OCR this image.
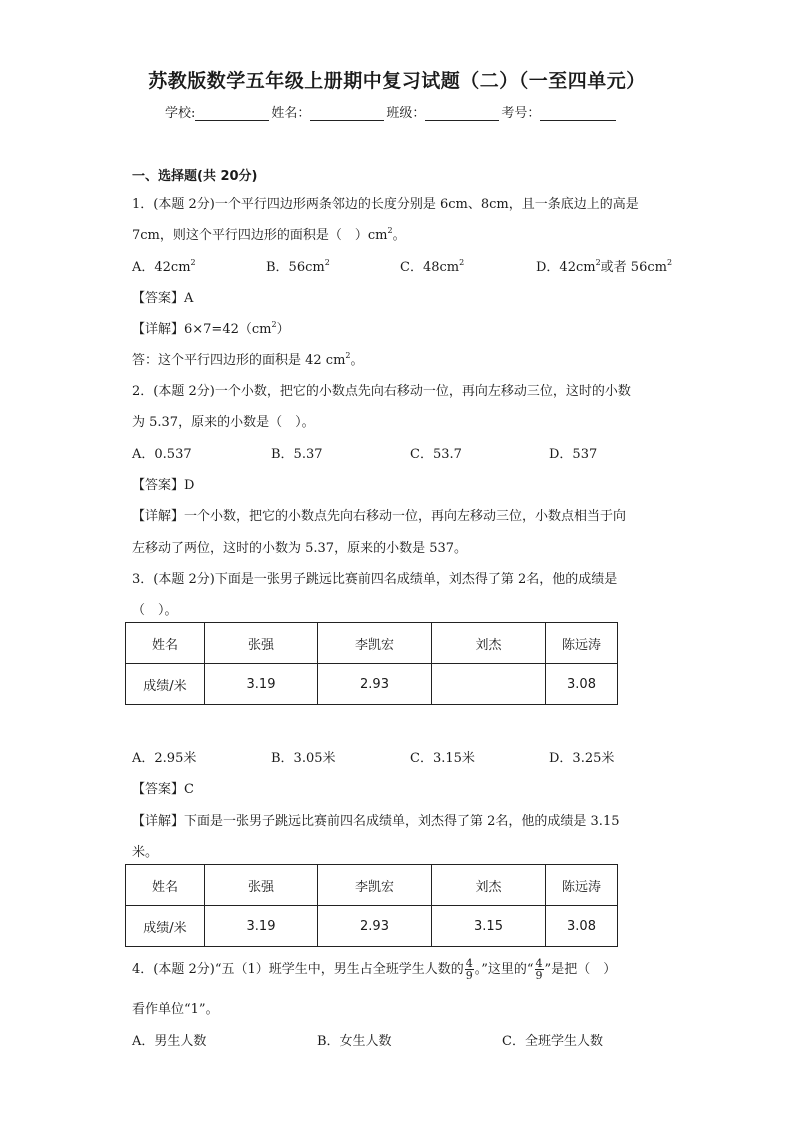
苏教版数学五年级上册期中复习试题（二）（一至四单元）
学校:	姓名：	班级：	考号：
一、选择题(共 20分)
1．(本题 2分)一个平行四边形两条邻边的长度分别是 6cm、8cm，且一条底边上的高是
7cm，则这个平行四边形的面积是（　）$cm^2$。
A．$42cm^2$	B．$56cm^2$	C．$48cm^2$	D．$42cm^2$或者 $56cm^2$
【答案】A
【详解】$6\times 7=42(cm^2)$
答：这个平行四边形的面积是 42 $cm^2$。
2．(本题 2分)一个小数，把它的小数点先向右移动一位，再向左移动三位，这时的小数
为 5.37，原来的小数是（　）。
A．0.537	B．5.37	C．53.7	D．537
【答案】D
【详解】一个小数，把它的小数点先向右移动一位，再向左移动三位，小数点相当于向
左移动了两位，这时的小数为 5.37，原来的小数是 537。
3．(本题 2分)下面是一张男子跳远比赛前四名成绩单，刘杰得了第 2名，他的成绩是
（　）。
姓名	张强	李凯宏	刘杰	陈远涛
成绩/米	3.19	2.93		3.08
A．2.95米	B．3.05米	C．3.15米	D．3.25米
【答案】C
【详解】下面是一张男子跳远比赛前四名成绩单，刘杰得了第 2名，他的成绩是 3.15
米。
姓名	张强	李凯宏	刘杰	陈远涛
成绩/米	3.19	2.93	3.15	3.08
4．(本题 2分)“五（1）班学生中，男生占全班学生人数的 $\frac{4}{9}$ 。”这里的“ $\frac{4}{9}$ ”是把（　）
看作单位“1”。
A．男生人数	B．女生人数	C．全班学生人数
